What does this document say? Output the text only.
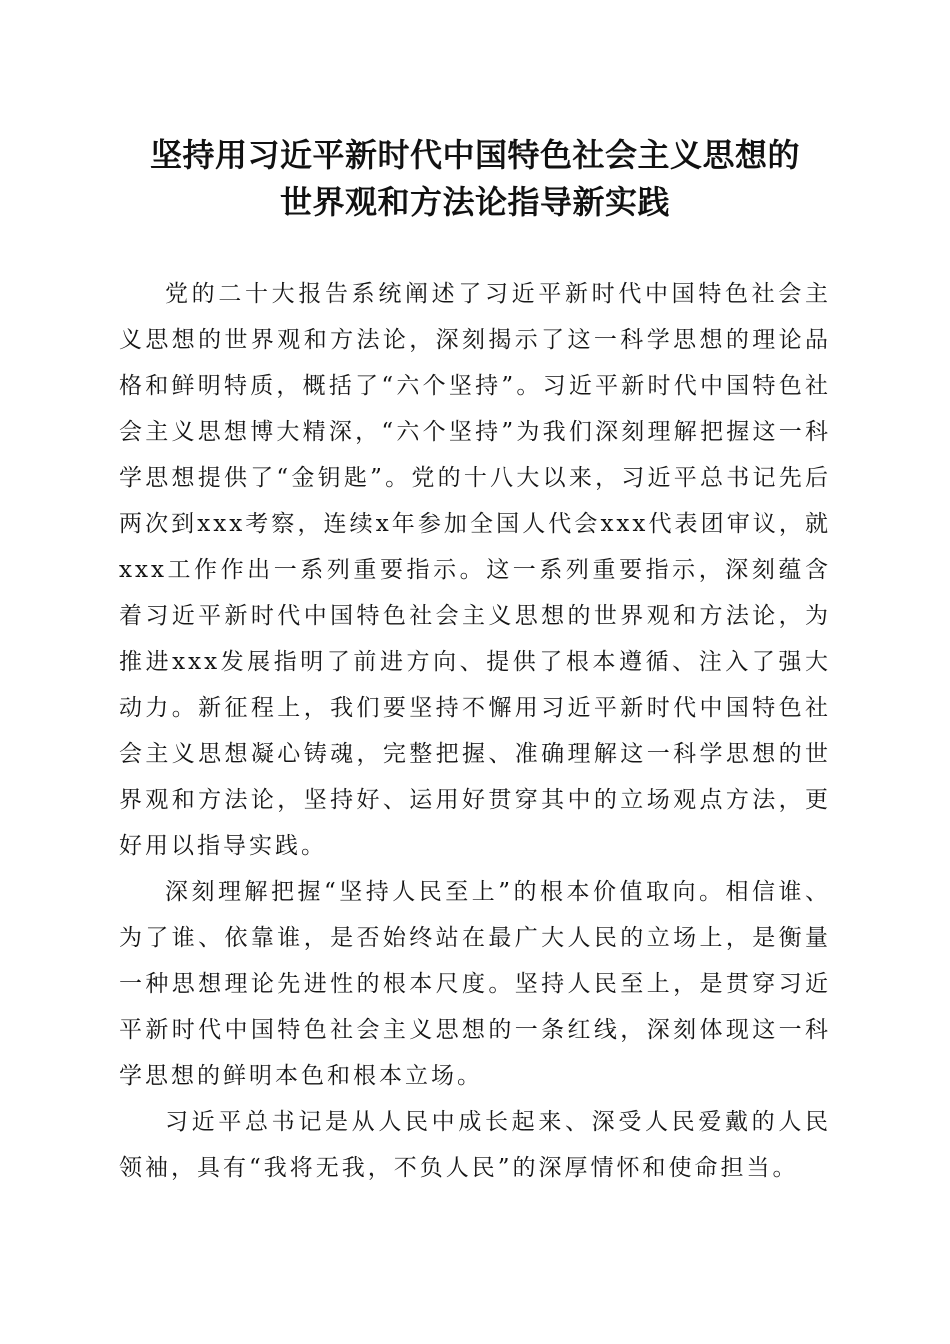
坚持用习近平新时代中国特色社会主义思想的
世界观和方法论指导新实践

党的二十大报告系统阐述了习近平新时代中国特色社会主义思想的世界观和方法论，深刻揭示了这一科学思想的理论品格和鲜明特质，概括了“六个坚持”。习近平新时代中国特色社会主义思想博大精深，“六个坚持”为我们深刻理解把握这一科学思想提供了“金钥匙”。党的十八大以来，习近平总书记先后两次到xxx考察，连续x年参加全国人代会xxx代表团审议，就xxx工作作出一系列重要指示。这一系列重要指示，深刻蕴含着习近平新时代中国特色社会主义思想的世界观和方法论，为推进xxx发展指明了前进方向、提供了根本遵循、注入了强大动力。新征程上，我们要坚持不懈用习近平新时代中国特色社会主义思想凝心铸魂，完整把握、准确理解这一科学思想的世界观和方法论，坚持好、运用好贯穿其中的立场观点方法，更好用以指导实践。

深刻理解把握“坚持人民至上”的根本价值取向。相信谁、为了谁、依靠谁，是否始终站在最广大人民的立场上，是衡量一种思想理论先进性的根本尺度。坚持人民至上，是贯穿习近平新时代中国特色社会主义思想的一条红线，深刻体现这一科学思想的鲜明本色和根本立场。

习近平总书记是从人民中成长起来、深受人民爱戴的人民领袖，具有“我将无我，不负人民”的深厚情怀和使命担当。
